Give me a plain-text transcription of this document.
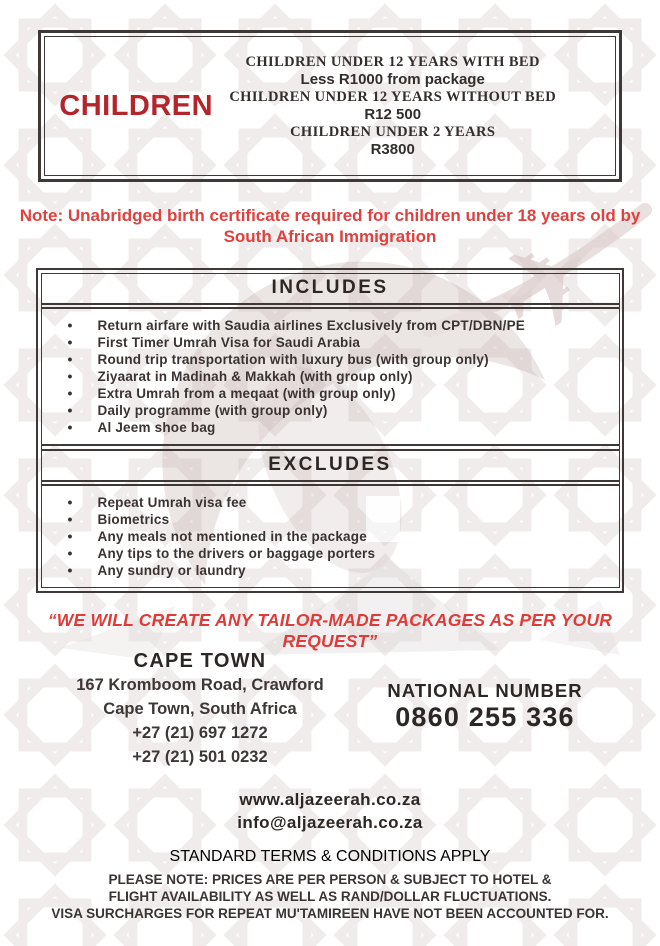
✈
CHILDREN
CHILDREN UNDER 12 YEARS WITH BED
Less R1000 from package
CHILDREN UNDER 12 YEARS WITHOUT BED
R12 500
CHILDREN UNDER 2 YEARS
R3800
Note: Unabridged birth certificate required for children under 18 years old by South African Immigration
INCLUDES
• Return airfare with Saudia airlines Exclusively from CPT/DBN/PE
• First Timer Umrah Visa for Saudi Arabia
• Round trip transportation with luxury bus (with group only)
• Ziyaarat in Madinah & Makkah (with group only)
• Extra Umrah from a meqaat (with group only)
• Daily programme (with group only)
• Al Jeem shoe bag
EXCLUDES
• Repeat Umrah visa fee
• Biometrics
• Any meals not mentioned in the package
• Any tips to the drivers or baggage porters
• Any sundry or laundry
“WE WILL CREATE ANY TAILOR-MADE PACKAGES AS PER YOUR REQUEST”
CAPE TOWN
167 Kromboom Road, Crawford
Cape Town, South Africa
+27 (21) 697 1272
+27 (21) 501 0232
NATIONAL NUMBER
0860 255 336
www.aljazeerah.co.za
info@aljazeerah.co.za
STANDARD TERMS & CONDITIONS APPLY
PLEASE NOTE: PRICES ARE PER PERSON & SUBJECT TO HOTEL & FLIGHT AVAILABILITY AS WELL AS RAND/DOLLAR FLUCTUATIONS.
VISA SURCHARGES FOR REPEAT MU'TAMIREEN HAVE NOT BEEN ACCOUNTED FOR.
